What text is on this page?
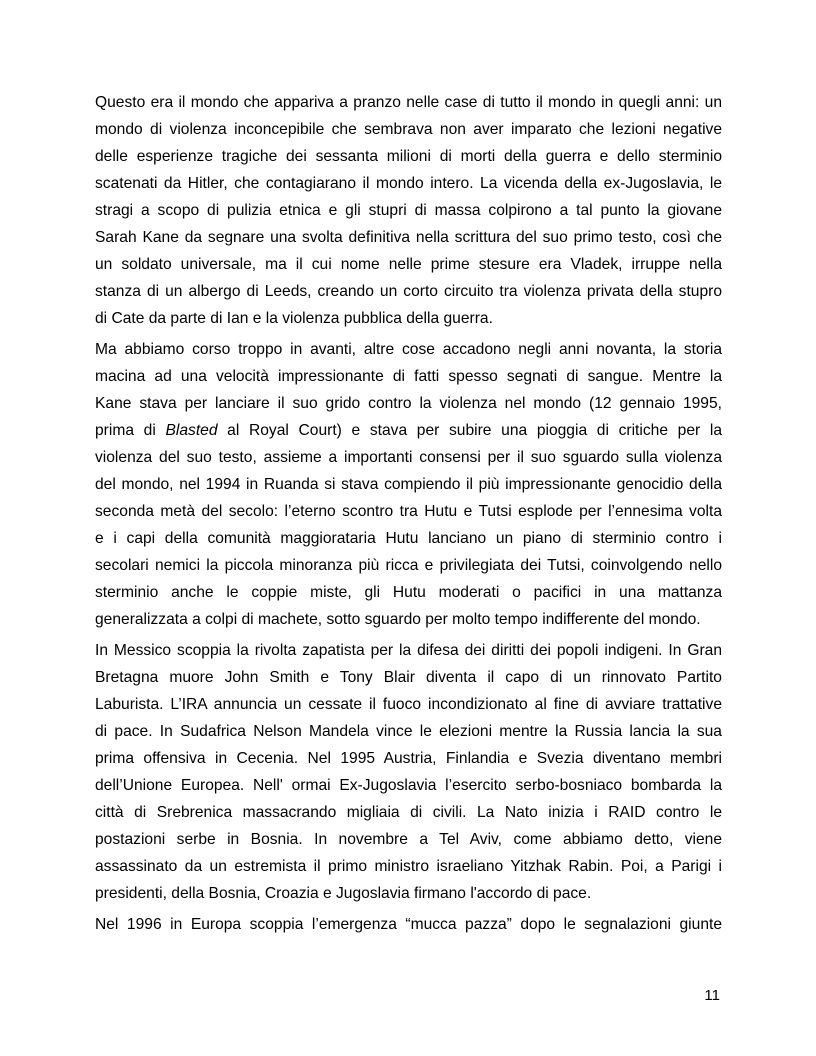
Questo era il mondo che appariva a pranzo nelle case di tutto il mondo in quegli anni: un
mondo di violenza inconcepibile che sembrava non aver imparato che lezioni negative
delle esperienze tragiche dei sessanta milioni di morti della guerra e dello sterminio
scatenati da Hitler, che contagiarano il mondo intero. La vicenda della ex-Jugoslavia, le
stragi a scopo di pulizia etnica e gli stupri di massa colpirono a tal punto la giovane
Sarah Kane da segnare una svolta definitiva nella scrittura del suo primo testo, così che
un soldato universale, ma il cui nome nelle prime stesure era Vladek, irruppe nella
stanza di un albergo di Leeds, creando un corto circuito tra violenza privata della stupro
di Cate da parte di Ian e la violenza pubblica della guerra.
Ma abbiamo corso troppo in avanti, altre cose accadono negli anni novanta, la storia
macina ad una velocità impressionante di fatti spesso segnati di sangue. Mentre la
Kane stava per lanciare il suo grido contro la violenza nel mondo (12 gennaio 1995,
prima di Blasted al Royal Court) e stava per subire una pioggia di critiche per la
violenza del suo testo, assieme a importanti consensi per il suo sguardo sulla violenza
del mondo, nel 1994 in Ruanda si stava compiendo il più impressionante genocidio della
seconda metà del secolo: l’eterno scontro tra Hutu e Tutsi esplode per l’ennesima volta
e i capi della comunità maggiorataria Hutu lanciano un piano di sterminio contro i
secolari nemici la piccola minoranza più ricca e privilegiata dei Tutsi, coinvolgendo nello
sterminio anche le coppie miste, gli Hutu moderati o pacifici in una mattanza
generalizzata a colpi di machete, sotto sguardo per molto tempo indifferente del mondo.
In Messico scoppia la rivolta zapatista per la difesa dei diritti dei popoli indigeni. In Gran
Bretagna muore John Smith e Tony Blair diventa il capo di un rinnovato Partito
Laburista. L’IRA annuncia un cessate il fuoco incondizionato al fine di avviare trattative
di pace. In Sudafrica Nelson Mandela vince le elezioni mentre la Russia lancia la sua
prima offensiva in Cecenia. Nel 1995 Austria, Finlandia e Svezia diventano membri
dell’Unione Europea. Nell' ormai Ex-Jugoslavia l’esercito serbo-bosniaco bombarda la
città di Srebrenica massacrando migliaia di civili. La Nato inizia i RAID contro le
postazioni serbe in Bosnia. In novembre a Tel Aviv, come abbiamo detto, viene
assassinato da un estremista il primo ministro israeliano Yitzhak Rabin. Poi, a Parigi i
presidenti, della Bosnia, Croazia e Jugoslavia firmano l'accordo di pace.
Nel 1996 in Europa scoppia l’emergenza “mucca pazza” dopo le segnalazioni giunte
11
